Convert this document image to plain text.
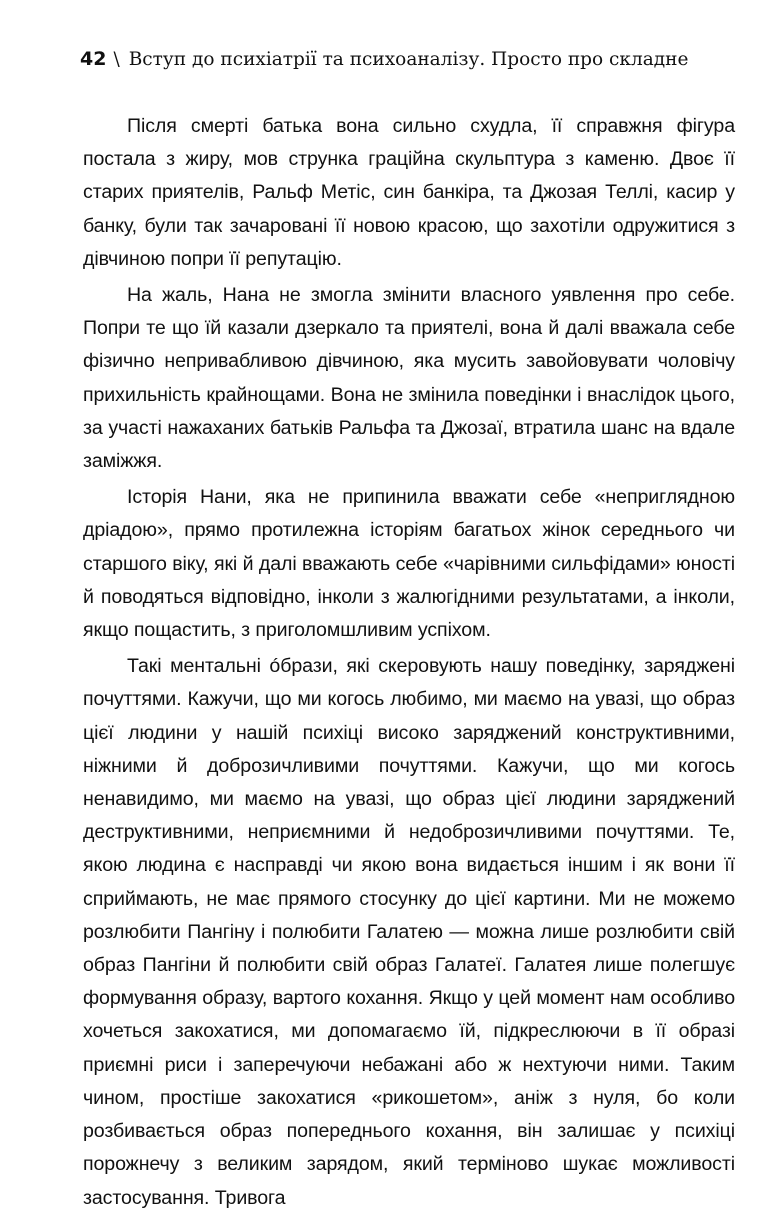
42 \ Вступ до психіатрії та психоаналізу. Просто про складне

Після смерті батька вона сильно схудла, її справжня фігура постала з жиру, мов струнка граційна скульптура з каменю. Двоє її старих приятелів, Ральф Метіс, син банкіра, та Джозая Теллі, касир у банку, були так зачаровані її новою красою, що захотіли одружитися з дівчиною попри її репутацію.

На жаль, Нана не змогла змінити власного уявлення про себе. Попри те що їй казали дзеркало та приятелі, вона й далі вважала себе фізично непривабливою дівчиною, яка мусить завойовувати чоловічу прихильність крайнощами. Вона не змінила поведінки і внаслідок цього, за участі нажаханих батьків Ральфа та Джозаї, втратила шанс на вдале заміжжя.

Історія Нани, яка не припинила вважати себе «неприглядною дріадою», прямо протилежна історіям багатьох жінок середнього чи старшого віку, які й далі вважають себе «чарівними сильфідами» юності й поводяться відповідно, інколи з жалюгідними результатами, а інколи, якщо пощастить, з приголомшливим успіхом.

Такі ментальні óбрази, які скеровують нашу поведінку, заряджені почуттями. Кажучи, що ми когось любимо, ми маємо на увазі, що образ цієї людини у нашій психіці високо заряджений конструктивними, ніжними й доброзичливими почуттями. Кажучи, що ми когось ненавидимо, ми маємо на увазі, що образ цієї людини заряджений деструктивними, неприємними й недоброзичливими почуттями. Те, якою людина є насправді чи якою вона видається іншим і як вони її сприймають, не має прямого стосунку до цієї картини. Ми не можемо розлюбити Пангіну і полюбити Галатею — можна лише розлюбити свій образ Пангіни й полюбити свій образ Галатеї. Галатея лише полегшує формування образу, вартого кохання. Якщо у цей момент нам особливо хочеться закохатися, ми допомагаємо їй, підкреслюючи в її образі приємні риси і заперечуючи небажані або ж нехтуючи ними. Таким чином, простіше закохатися «рикошетом», аніж з нуля, бо коли розбивається образ попереднього кохання, він залишає у психіці порожнечу з великим зарядом, який терміново шукає можливості застосування. Тривога
